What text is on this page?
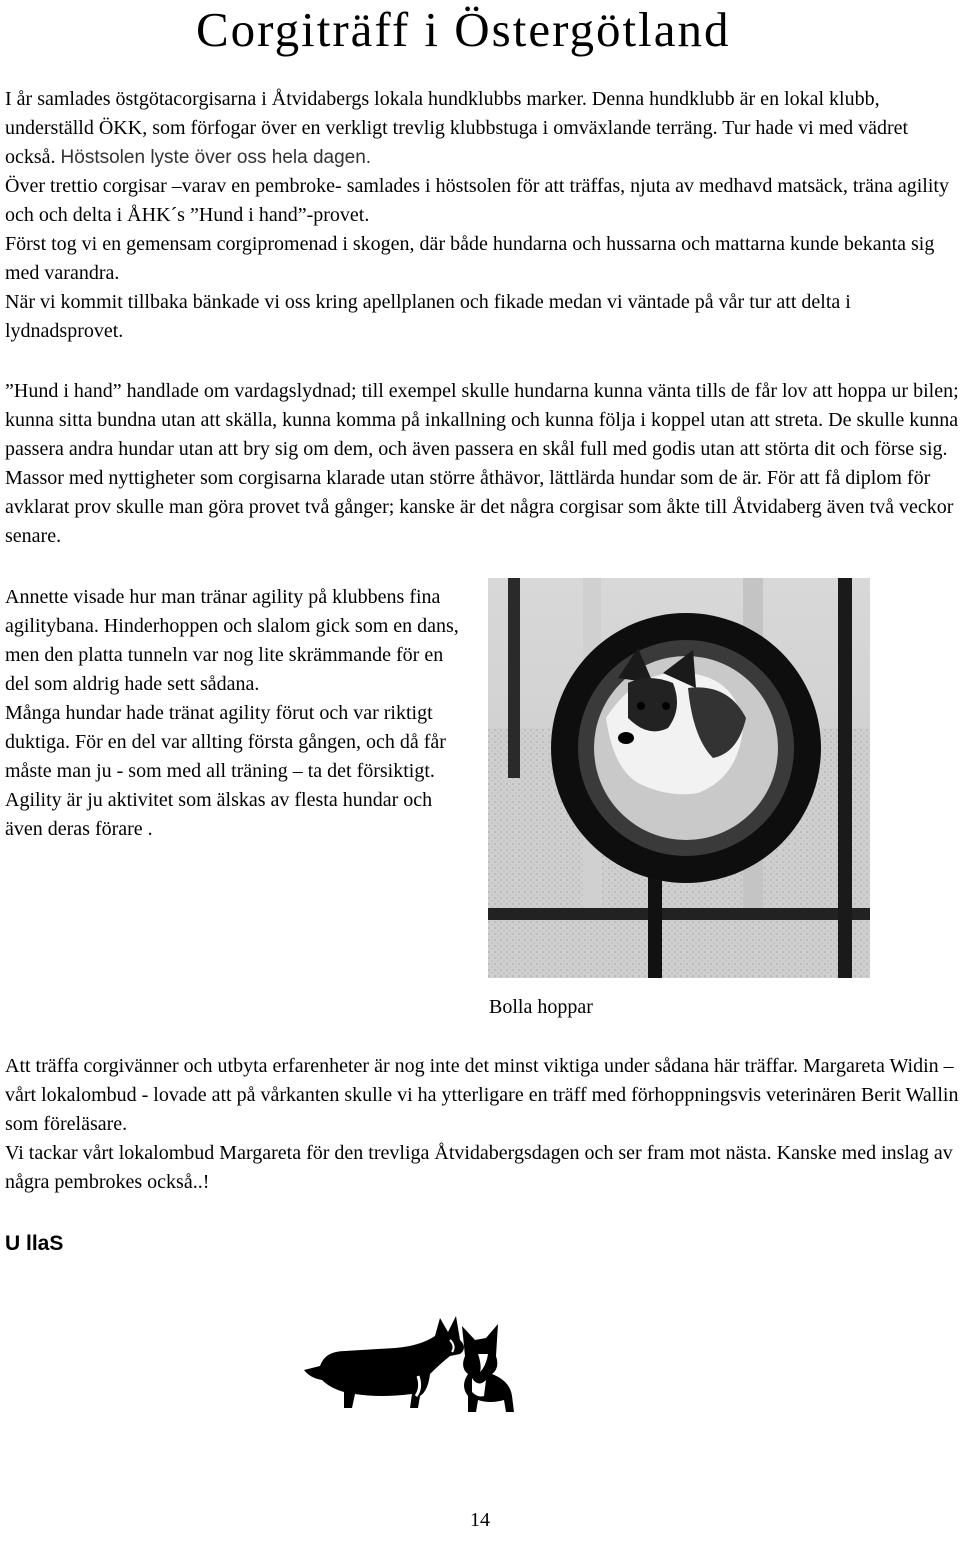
Corgiträff i Östergötland

I år samlades östgötacorgisarna i Åtvidabergs lokala hundklubbs marker. Denna hundklubb är en lokal klubb, underställd ÖKK, som förfogar över en verkligt trevlig klubbstuga i omväxlande terräng. Tur hade vi med vädret också. Höstsolen lyste över oss hela dagen.

Över trettio corgisar –varav en pembroke- samlades i höstsolen för att träffas, njuta av medhavd matsäck, träna agility och och delta i ÅHK´s ”Hund i hand”-provet.

Först tog vi en gemensam corgipromenad i skogen, där både hundarna och hussarna och mattarna kunde bekanta sig med varandra.

När vi kommit tillbaka bänkade vi oss kring apellplanen och fikade medan vi väntade på vår tur att delta i lydnadsprovet.

”Hund i hand” handlade om vardagslydnad; till exempel skulle hundarna kunna vänta tills de får lov att hoppa ur bilen; kunna sitta bundna utan att skälla, kunna komma på inkallning och kunna följa i koppel utan att streta. De skulle kunna passera andra hundar utan att bry sig om dem, och även passera en skål full med godis utan att störta dit och förse sig. Massor med nyttigheter som corgisarna klarade utan större åthävor, lättlärda hundar som de är. För att få diplom för avklarat prov skulle man göra provet två gånger; kanske är det några corgisar som åkte till Åtvidaberg även två veckor senare.

Annette visade hur man tränar agility på klubbens fina agilitybana. Hinderhoppen och slalom gick som en dans, men den platta tunneln var nog lite skrämmande för en del som aldrig hade sett sådana.

Många hundar hade tränat agility förut och var riktigt duktiga. För en del var allting första gången, och då får måste man ju - som med all träning – ta det försiktigt. Agility är ju aktivitet som älskas av flesta hundar och även deras förare .

Bolla hoppar

Att träffa corgivänner och utbyta erfarenheter är nog inte det minst viktiga under sådana här träffar. Margareta Widin –vårt lokalombud - lovade att på vårkanten skulle vi ha ytterligare en träff med förhoppningsvis veterinären Berit Wallin som föreläsare.

Vi tackar vårt lokalombud Margareta för den trevliga Åtvidabergsdagen och ser fram mot nästa. Kanske med inslag av några pembrokes också..!

U llaS
14
